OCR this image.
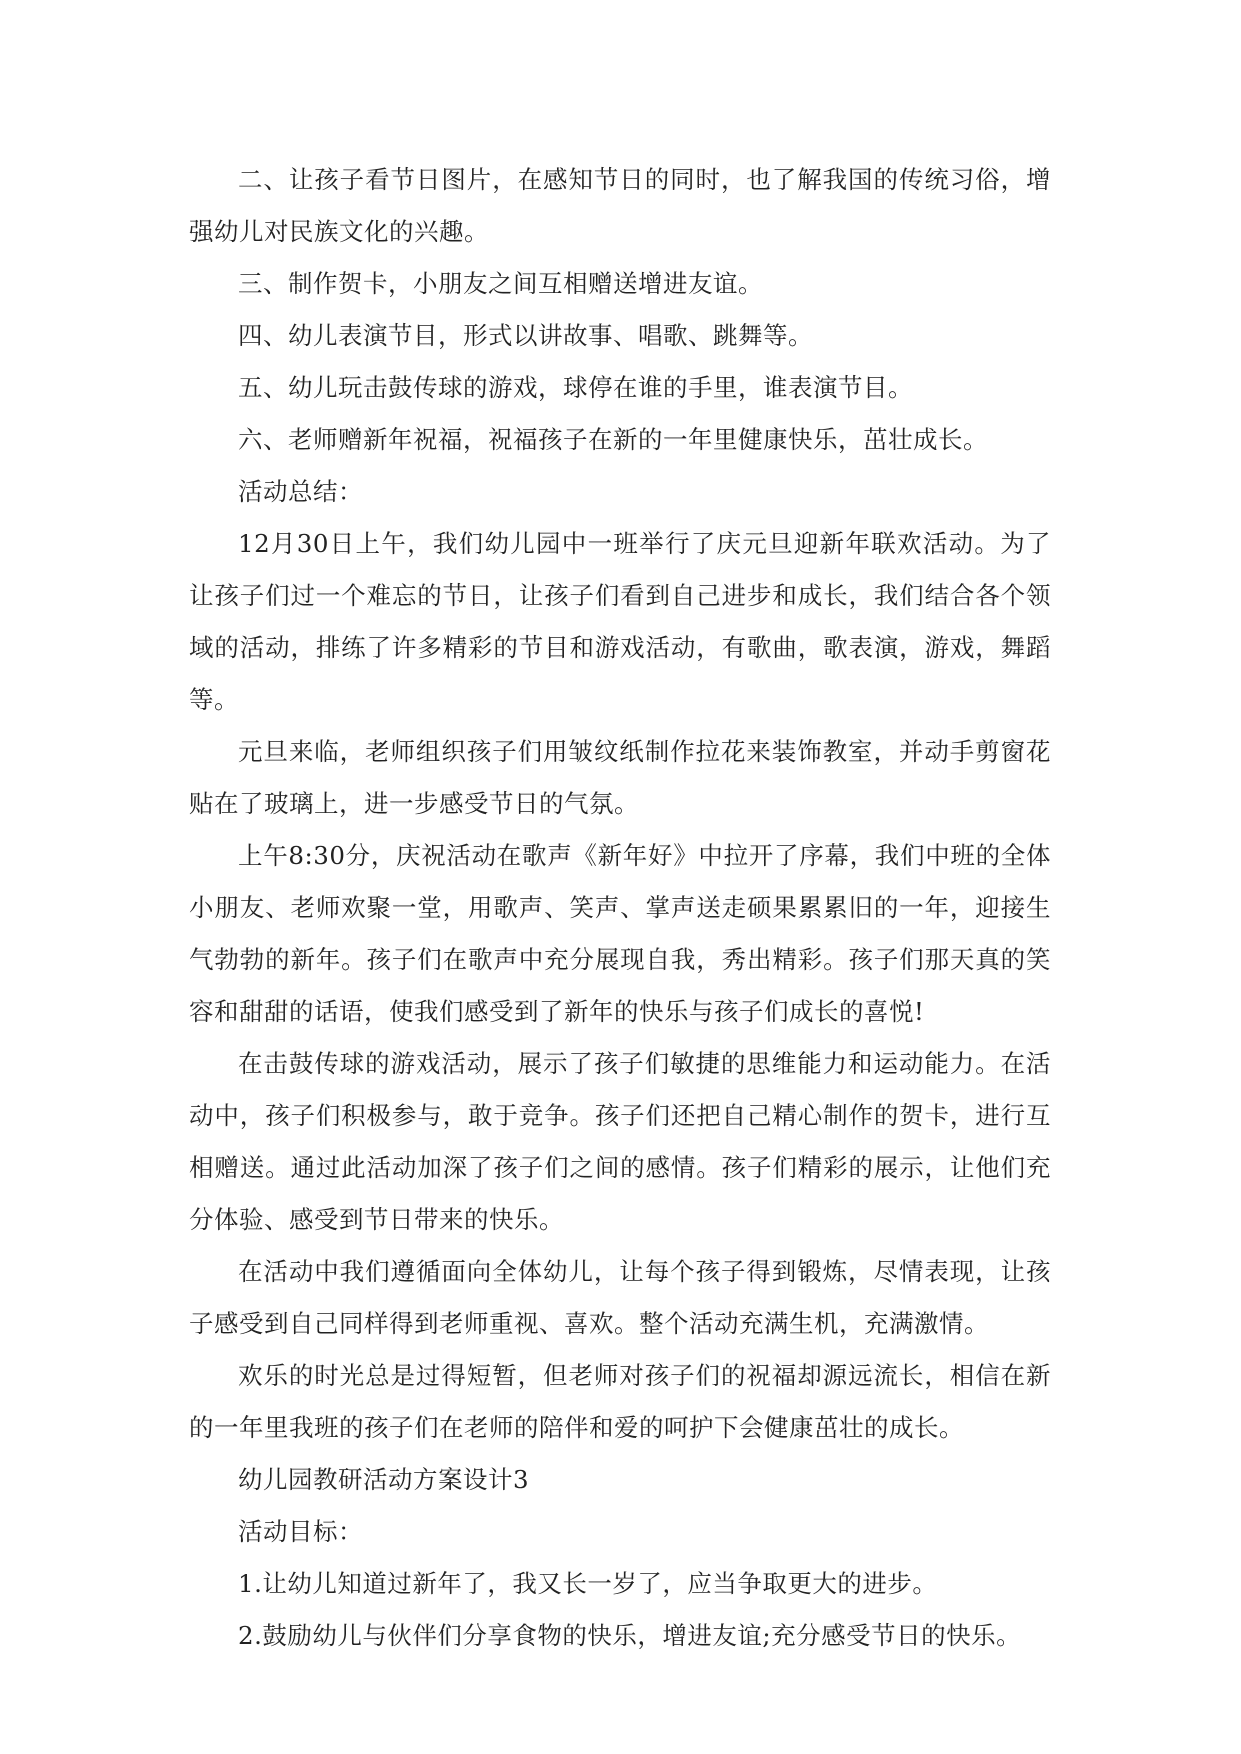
二、让孩子看节日图片，在感知节日的同时，也了解我国的传统习俗，增强幼儿对民族文化的兴趣。

三、制作贺卡，小朋友之间互相赠送增进友谊。

四、幼儿表演节目，形式以讲故事、唱歌、跳舞等。

五、幼儿玩击鼓传球的游戏，球停在谁的手里，谁表演节目。

六、老师赠新年祝福，祝福孩子在新的一年里健康快乐，茁壮成长。

活动总结：

12月30日上午，我们幼儿园中一班举行了庆元旦迎新年联欢活动。为了让孩子们过一个难忘的节日，让孩子们看到自己进步和成长，我们结合各个领域的活动，排练了许多精彩的节目和游戏活动，有歌曲，歌表演，游戏，舞蹈等。

元旦来临，老师组织孩子们用皱纹纸制作拉花来装饰教室，并动手剪窗花贴在了玻璃上，进一步感受节日的气氛。

上午8:30分，庆祝活动在歌声《新年好》中拉开了序幕，我们中班的全体小朋友、老师欢聚一堂，用歌声、笑声、掌声送走硕果累累旧的一年，迎接生气勃勃的新年。孩子们在歌声中充分展现自我，秀出精彩。孩子们那天真的笑容和甜甜的话语，使我们感受到了新年的快乐与孩子们成长的喜悦!

在击鼓传球的游戏活动，展示了孩子们敏捷的思维能力和运动能力。在活动中，孩子们积极参与，敢于竞争。孩子们还把自己精心制作的贺卡，进行互相赠送。通过此活动加深了孩子们之间的感情。孩子们精彩的展示，让他们充分体验、感受到节日带来的快乐。

在活动中我们遵循面向全体幼儿，让每个孩子得到锻炼，尽情表现，让孩子感受到自己同样得到老师重视、喜欢。整个活动充满生机，充满激情。

欢乐的时光总是过得短暂，但老师对孩子们的祝福却源远流长，相信在新的一年里我班的孩子们在老师的陪伴和爱的呵护下会健康茁壮的成长。

幼儿园教研活动方案设计3

活动目标：

1.让幼儿知道过新年了，我又长一岁了，应当争取更大的进步。

2.鼓励幼儿与伙伴们分享食物的快乐，增进友谊;充分感受节日的快乐。
